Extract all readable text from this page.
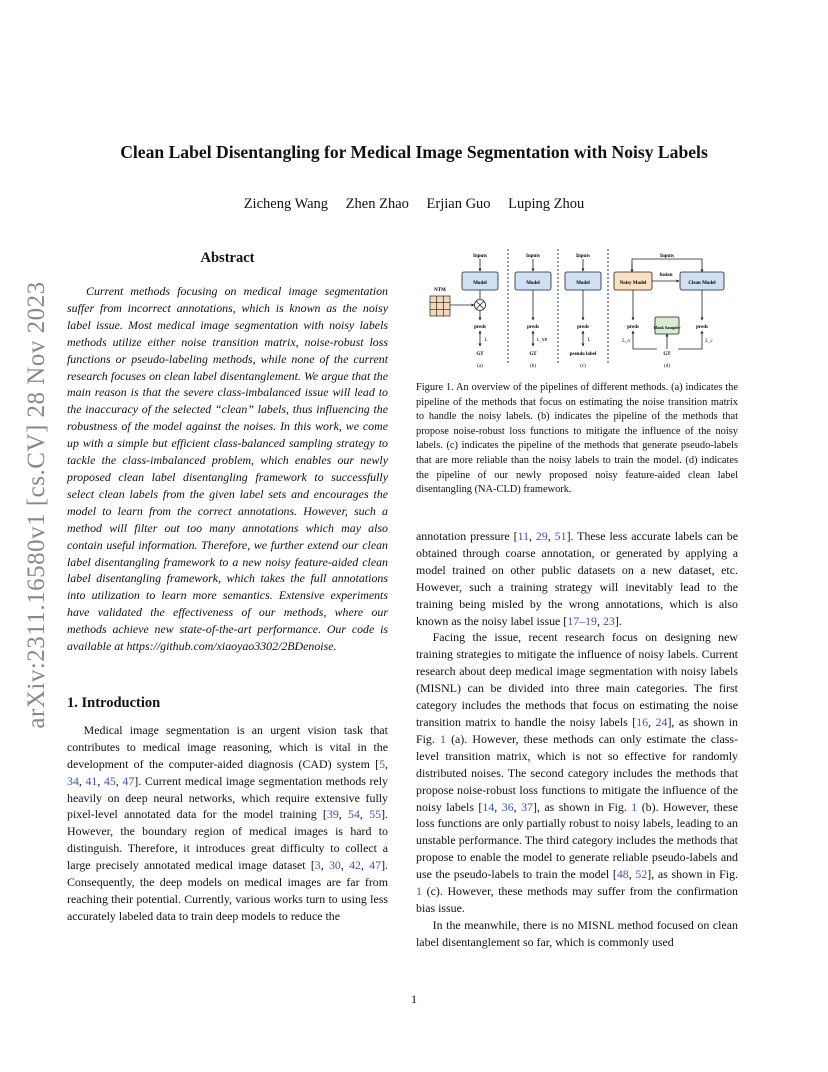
arXiv:2311.16580v1 [cs.CV] 28 Nov 2023
Clean Label Disentangling for Medical Image Segmentation with Noisy Labels
Zicheng Wang Zhen Zhao Erjian Guo Luping Zhou
Abstract

Current methods focusing on medical image segmentation suffer from incorrect annotations, which is known as the noisy label issue. Most medical image segmentation with noisy labels methods utilize either noise transition matrix, noise-robust loss functions or pseudo-labeling methods, while none of the current research focuses on clean label disentanglement. We argue that the main reason is that the severe class-imbalanced issue will lead to the inaccuracy of the selected “clean” labels, thus influencing the robustness of the model against the noises. In this work, we come up with a simple but efficient class-balanced sampling strategy to tackle the class-imbalanced problem, which enables our newly proposed clean label disentangling framework to successfully select clean labels from the given label sets and encourages the model to learn from the correct annotations. However, such a method will filter out too many annotations which may also contain useful information. Therefore, we further extend our clean label disentangling framework to a new noisy feature-aided clean label disentangling framework, which takes the full annotations into utilization to learn more semantics. Extensive experiments have validated the effectiveness of our methods, where our methods achieve new state-of-the-art performance. Our code is available at https://github.com/xiaoyao3302/2BDenoise.

1. Introduction

Medical image segmentation is an urgent vision task that contributes to medical image reasoning, which is vital in the development of the computer-aided diagnosis (CAD) system [5, 34, 41, 45, 47]. Current medical image segmentation methods rely heavily on deep neural networks, which require extensive fully pixel-level annotated data for the model training [39, 54, 55]. However, the boundary region of medical images is hard to distinguish. Therefore, it introduces great difficulty to collect a large precisely annotated medical image dataset [3, 30, 42, 47]. Consequently, the deep models on medical images are far from reaching their potential. Currently, various works turn to using less accurately labeled data to train deep models to reduce the

Inputs
Model
NTM
preds
L
GT
(a)
Inputs
Model
preds
L_NR
GT
(b)
Inputs
Model
preds
L
pseudo label
(c)
Inputs
Noisy Model	Clean Model
fusion
preds	preds
Mask Sampler
L_n	L_c
GT
(d)
Figure 1. An overview of the pipelines of different methods. (a) indicates the pipeline of the methods that focus on estimating the noise transition matrix to handle the noisy labels. (b) indicates the pipeline of the methods that propose noise-robust loss functions to mitigate the influence of the noisy labels. (c) indicates the pipeline of the methods that generate pseudo-labels that are more reliable than the noisy labels to train the model. (d) indicates the pipeline of our newly proposed noisy feature-aided clean label disentangling (NA-CLD) framework.

annotation pressure [11, 29, 51]. These less accurate labels can be obtained through coarse annotation, or generated by applying a model trained on other public datasets on a new dataset, etc. However, such a training strategy will inevitably lead to the training being misled by the wrong annotations, which is also known as the noisy label issue [17–19, 23].

Facing the issue, recent research focus on designing new training strategies to mitigate the influence of noisy labels. Current research about deep medical image segmentation with noisy labels (MISNL) can be divided into three main categories. The first category includes the methods that focus on estimating the noise transition matrix to handle the noisy labels [16, 24], as shown in Fig. 1 (a). However, these methods can only estimate the class-level transition matrix, which is not so effective for randomly distributed noises. The second category includes the methods that propose noise-robust loss functions to mitigate the influence of the noisy labels [14, 36, 37], as shown in Fig. 1 (b). However, these loss functions are only partially robust to noisy labels, leading to an unstable performance. The third category includes the methods that propose to enable the model to generate reliable pseudo-labels and use the pseudo-labels to train the model [48, 52], as shown in Fig. 1 (c). However, these methods may suffer from the confirmation bias issue.

In the meanwhile, there is no MISNL method focused on clean label disentanglement so far, which is commonly used

1
